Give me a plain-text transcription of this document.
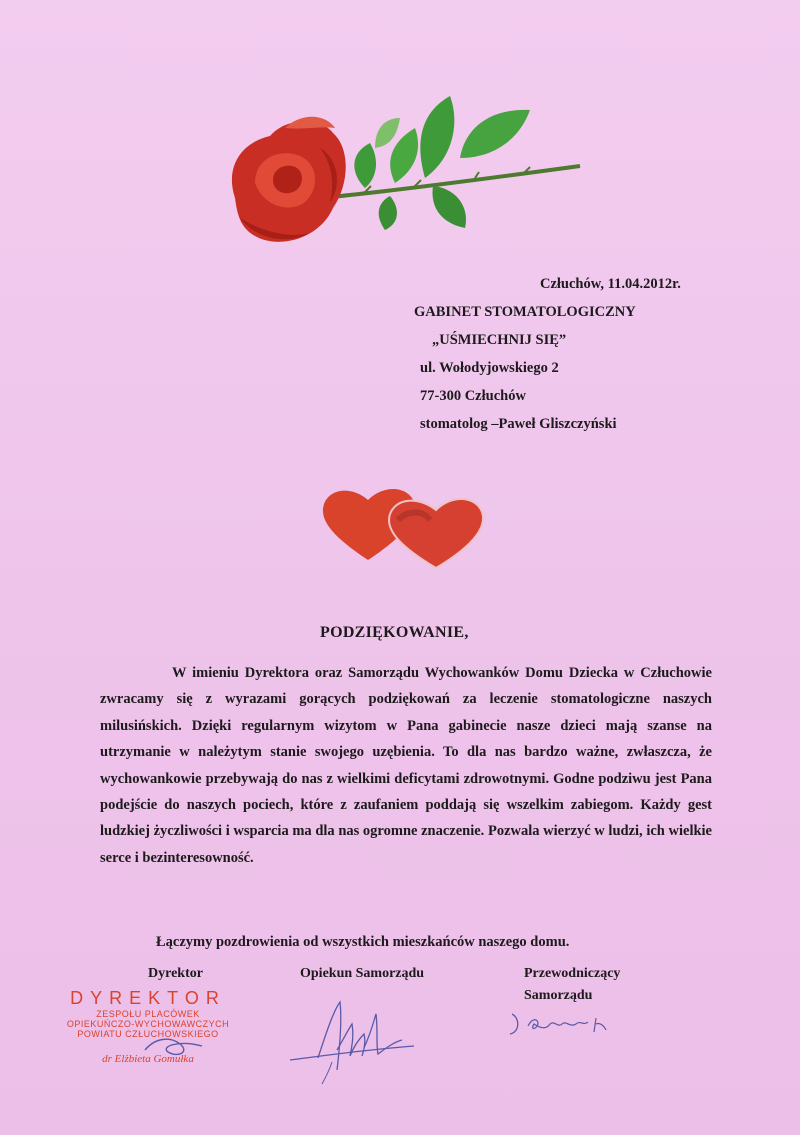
Człuchów, 11.04.2012r.
GABINET STOMATOLOGICZNY
„UŚMIECHNIJ SIĘ”
ul. Wołodyjowskiego 2
77-300 Człuchów
stomatolog –Paweł Gliszczyński
PODZIĘKOWANIE,

W imieniu Dyrektora oraz Samorządu Wychowanków Domu Dziecka w Człuchowie zwracamy się z wyrazami gorących podziękowań za leczenie stomatologiczne naszych milusińskich. Dzięki regularnym wizytom w Pana gabinecie nasze dzieci mają szanse na utrzymanie w należytym stanie swojego uzębienia. To dla nas bardzo ważne, zwłaszcza, że wychowankowie przebywają do nas z wielkimi deficytami zdrowotnymi. Godne podziwu jest Pana podejście do naszych pociech, które z zaufaniem poddają się wszelkim zabiegom. Każdy gest ludzkiej życzliwości i wsparcia ma dla nas ogromne znaczenie. Pozwala wierzyć w ludzi, ich wielkie serce i bezinteresowność.

Łączymy pozdrowienia od wszystkich mieszkańców naszego domu.
Dyrektor	Opiekun Samorządu	Przewodniczący
Samorządu
DYREKTOR
ZESPOŁU PLACÓWEK
OPIEKUŃCZO-WYCHOWAWCZYCH
POWIATU CZŁUCHOWSKIEGO
dr Elżbieta Gomułka
